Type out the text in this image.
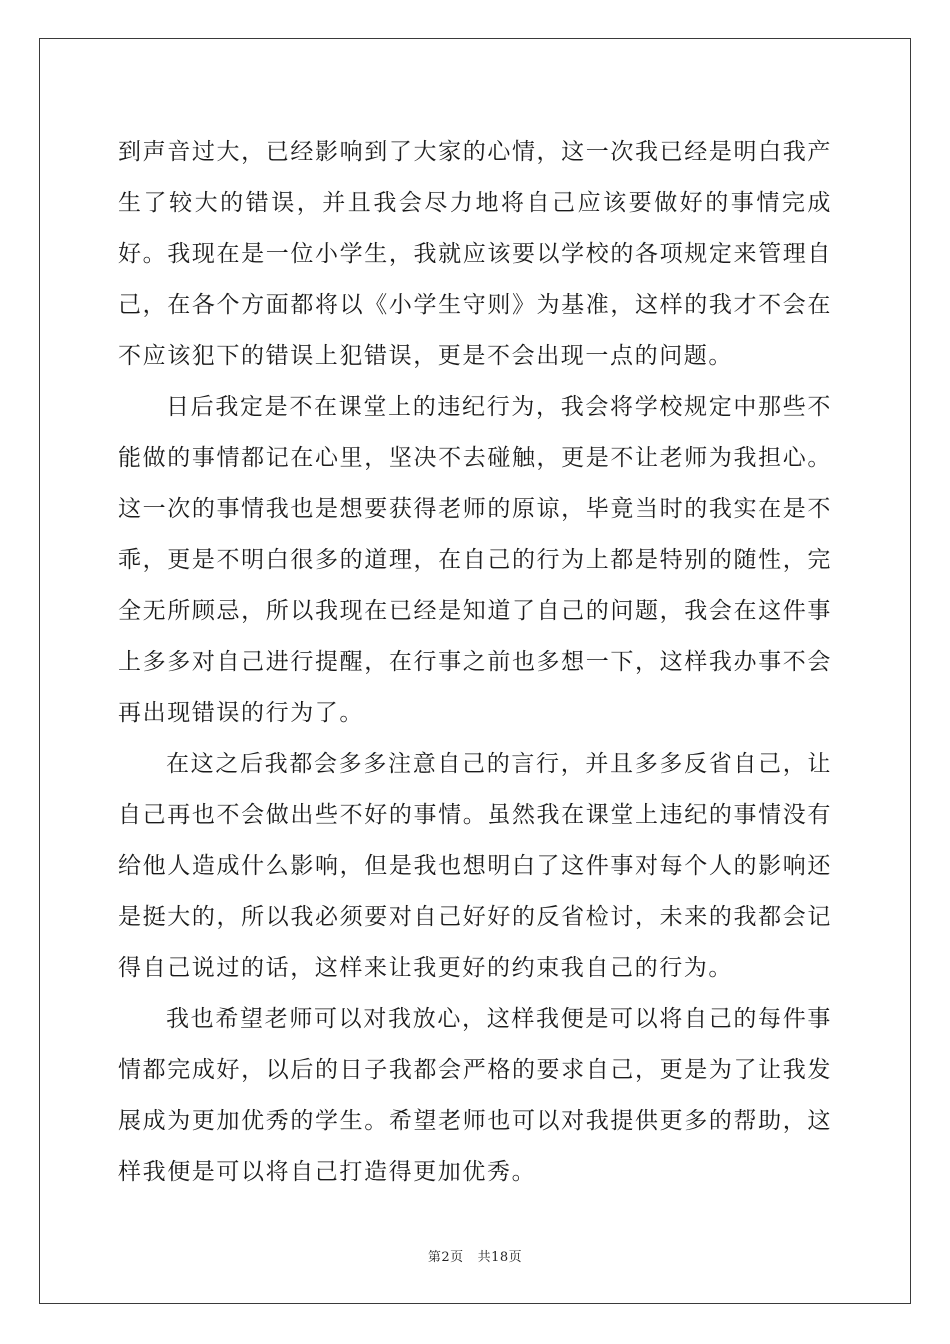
到声音过大，已经影响到了大家的心情，这一次我已经是明白我产生了较大的错误，并且我会尽力地将自己应该要做好的事情完成好。我现在是一位小学生，我就应该要以学校的各项规定来管理自己，在各个方面都将以《小学生守则》为基准，这样的我才不会在不应该犯下的错误上犯错误，更是不会出现一点的问题。

日后我定是不在课堂上的违纪行为，我会将学校规定中那些不能做的事情都记在心里，坚决不去碰触，更是不让老师为我担心。这一次的事情我也是想要获得老师的原谅，毕竟当时的我实在是不乖，更是不明白很多的道理，在自己的行为上都是特别的随性，完全无所顾忌，所以我现在已经是知道了自己的问题，我会在这件事上多多对自己进行提醒，在行事之前也多想一下，这样我办事不会再出现错误的行为了。

在这之后我都会多多注意自己的言行，并且多多反省自己，让自己再也不会做出些不好的事情。虽然我在课堂上违纪的事情没有给他人造成什么影响，但是我也想明白了这件事对每个人的影响还是挺大的，所以我必须要对自己好好的反省检讨，未来的我都会记得自己说过的话，这样来让我更好的约束我自己的行为。

我也希望老师可以对我放心，这样我便是可以将自己的每件事情都完成好，以后的日子我都会严格的要求自己，更是为了让我发展成为更加优秀的学生。希望老师也可以对我提供更多的帮助，这样我便是可以将自己打造得更加优秀。

第2页 共18页
